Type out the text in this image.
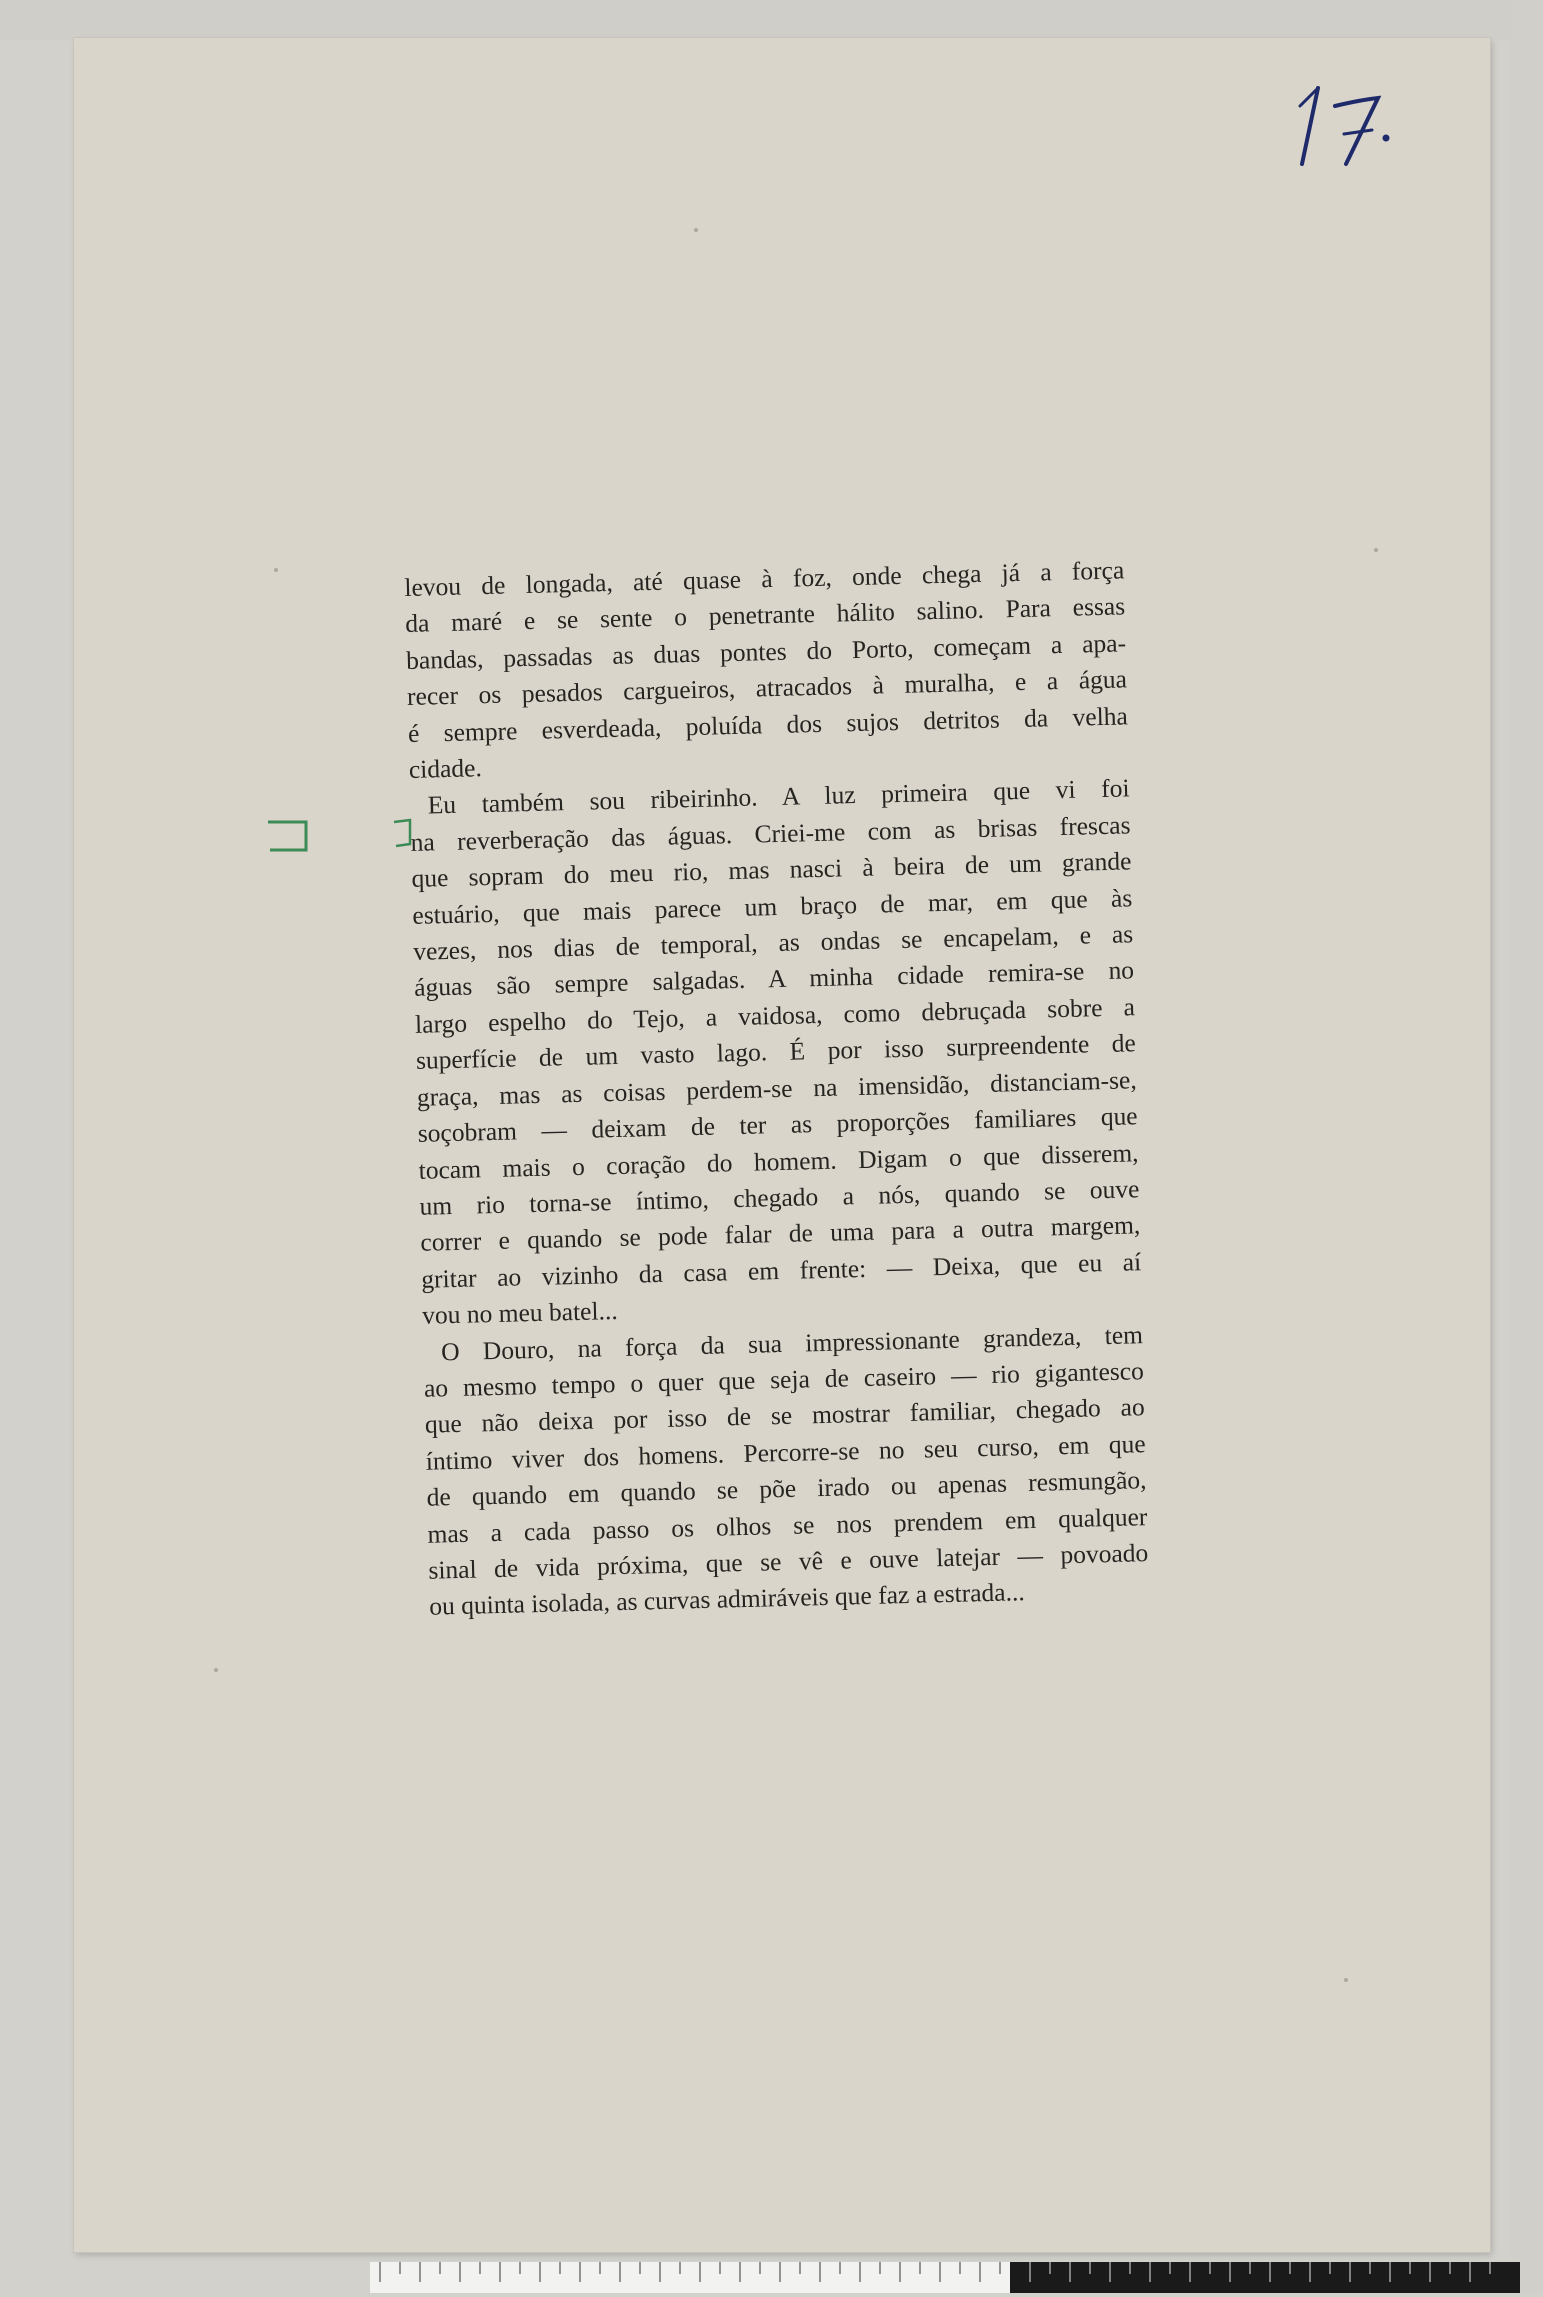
levou de longada, até quase à foz, onde chega já a força
da maré e se sente o penetrante hálito salino. Para essas
bandas, passadas as duas pontes do Porto, começam a apa-
recer os pesados cargueiros, atracados à muralha, e a água
é sempre esverdeada, poluída dos sujos detritos da velha
cidade.
Eu também sou ribeirinho. A luz primeira que vi foi
na reverberação das águas. Criei-me com as brisas frescas
que sopram do meu rio, mas nasci à beira de um grande
estuário, que mais parece um braço de mar, em que às
vezes, nos dias de temporal, as ondas se encapelam, e as
águas são sempre salgadas. A minha cidade remira-se no
largo espelho do Tejo, a vaidosa, como debruçada sobre a
superfície de um vasto lago. É por isso surpreendente de
graça, mas as coisas perdem-se na imensidão, distanciam-se,
soçobram — deixam de ter as proporções familiares que
tocam mais o coração do homem. Digam o que disserem,
um rio torna-se íntimo, chegado a nós, quando se ouve
correr e quando se pode falar de uma para a outra margem,
gritar ao vizinho da casa em frente: — Deixa, que eu aí
vou no meu batel...
O Douro, na força da sua impressionante grandeza, tem
ao mesmo tempo o quer que seja de caseiro — rio gigantesco
que não deixa por isso de se mostrar familiar, chegado ao
íntimo viver dos homens. Percorre-se no seu curso, em que
de quando em quando se põe irado ou apenas resmungão,
mas a cada passo os olhos se nos prendem em qualquer
sinal de vida próxima, que se vê e ouve latejar — povoado
ou quinta isolada, as curvas admiráveis que faz a estrada...
